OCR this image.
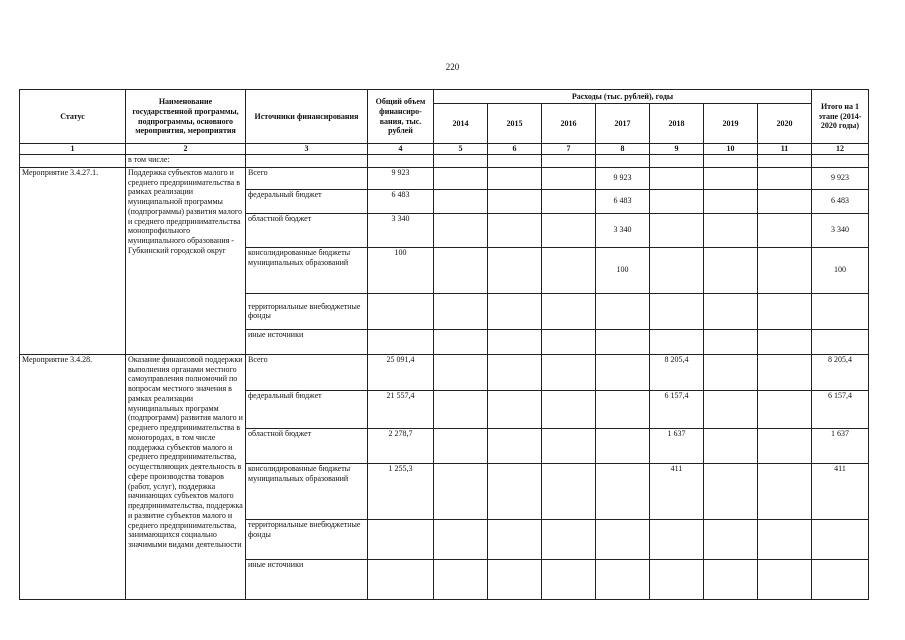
220
Статус	Наименование государственной программы, подпрограммы, основного мероприятия, мероприятия	Источники финансирования	Общий объем финансиро-вания, тыс. рублей	Расходы (тыс. рублей), годы							Итого на 1 этапе (2014-2020 годы)
				2014	2015	2016	2017	2018	2019	2020	
1	2	3	4	5	6	7	8	9	10	11	12
	в том числе:										
Мероприятие 3.4.27.1.	Поддержка субъектов малого и среднего предпринимательства в рамках реализации муниципальной программы (подпрограммы) развития малого и среднего предпринимательства монопрофильного муниципального образования - Губкинский городской округ	Всего	9 923				9 923				9 923
		федеральный бюджет	6 483				6 483				6 483
		областной бюджет	3 340				3 340				3 340
		консолидированные бюджеты муниципальных образований	100				100				100
		территориальные внебюджетные фонды									
		иные источники									
Мероприятие 3.4.28.	Оказание финансовой поддержки выполнения органами местного самоуправления полномочий по вопросам местного значения в рамках реализации муниципальных программ (подпрограмм) развития малого и среднего предпринимательства в моногородах, в том числе поддержка субъектов малого и среднего предпринимательства, осуществляющих деятельность в сфере производства товаров (работ, услуг), поддержка начинающих субъектов малого предпринимательства, поддержка и развитие субъектов малого и среднего предпринимательства, занимающихся социально значимыми видами деятельности	Всего	25 091,4					8 205,4			8 205,4
		федеральный бюджет	21 557,4					6 157,4			6 157,4
		областной бюджет	2 278,7					1 637			1 637
		консолидированные бюджеты муниципальных образований	1 255,3					411			411
		территориальные внебюджетные фонды									
		иные источники									
